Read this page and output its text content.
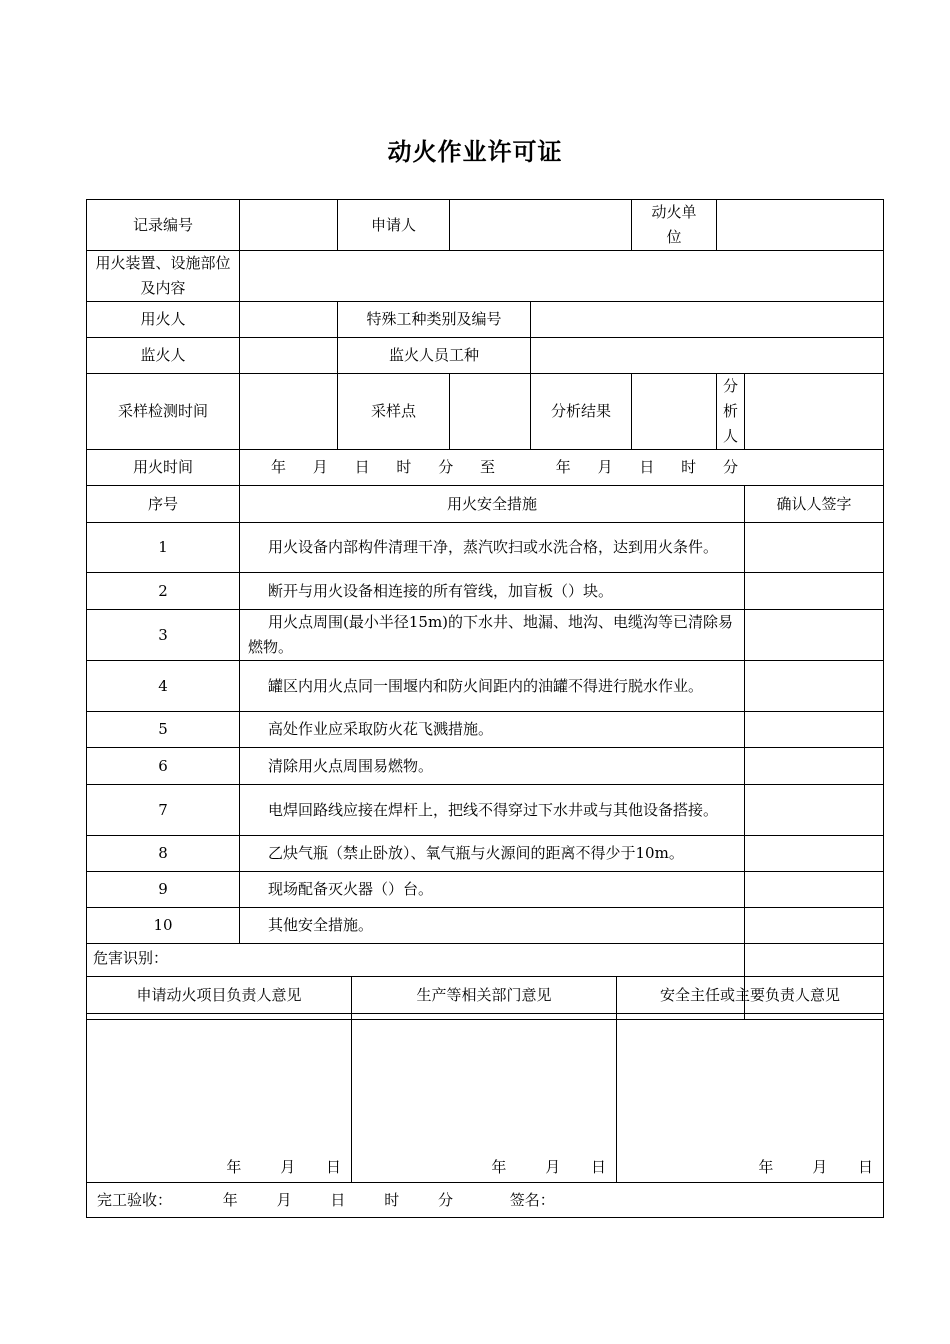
动火作业许可证
记录编号		申请人			动火单位		
用火装置、设施部位及内容							
用火人		特殊工种类别及编号					
监火人		监火人员工种					
采样检测时间		采样点		分析结果		分析人	
用火时间	年 月 日 时 分 至 年 月 日 时 分						
序号	用火安全措施						确认人签字
1	用火设备内部构件清理干净，蒸汽吹扫或水洗合格，达到用火条件。						
2	断开与用火设备相连接的所有管线，加盲板（）块。						
3	用火点周围(最小半径15m)的下水井、地漏、地沟、电缆沟等已清除易燃物。						
4	罐区内用火点同一围堰内和防火间距内的油罐不得进行脱水作业。						
5	高处作业应采取防火花飞溅措施。						
6	清除用火点周围易燃物。						
7	电焊回路线应接在焊杆上，把线不得穿过下水井或与其他设备搭接。						
8	乙炔气瓶（禁止卧放）、氧气瓶与火源间的距离不得少于10m。						
9	现场配备灭火器（）台。						
10	其他安全措施。						
危害识别：							
申请动火项目负责人意见	生产等相关部门意见	安全主任或主要负责人意见
年 月 日	年 月 日	年 月 日
完工验收： 年 月 日 时 分 签名：		
